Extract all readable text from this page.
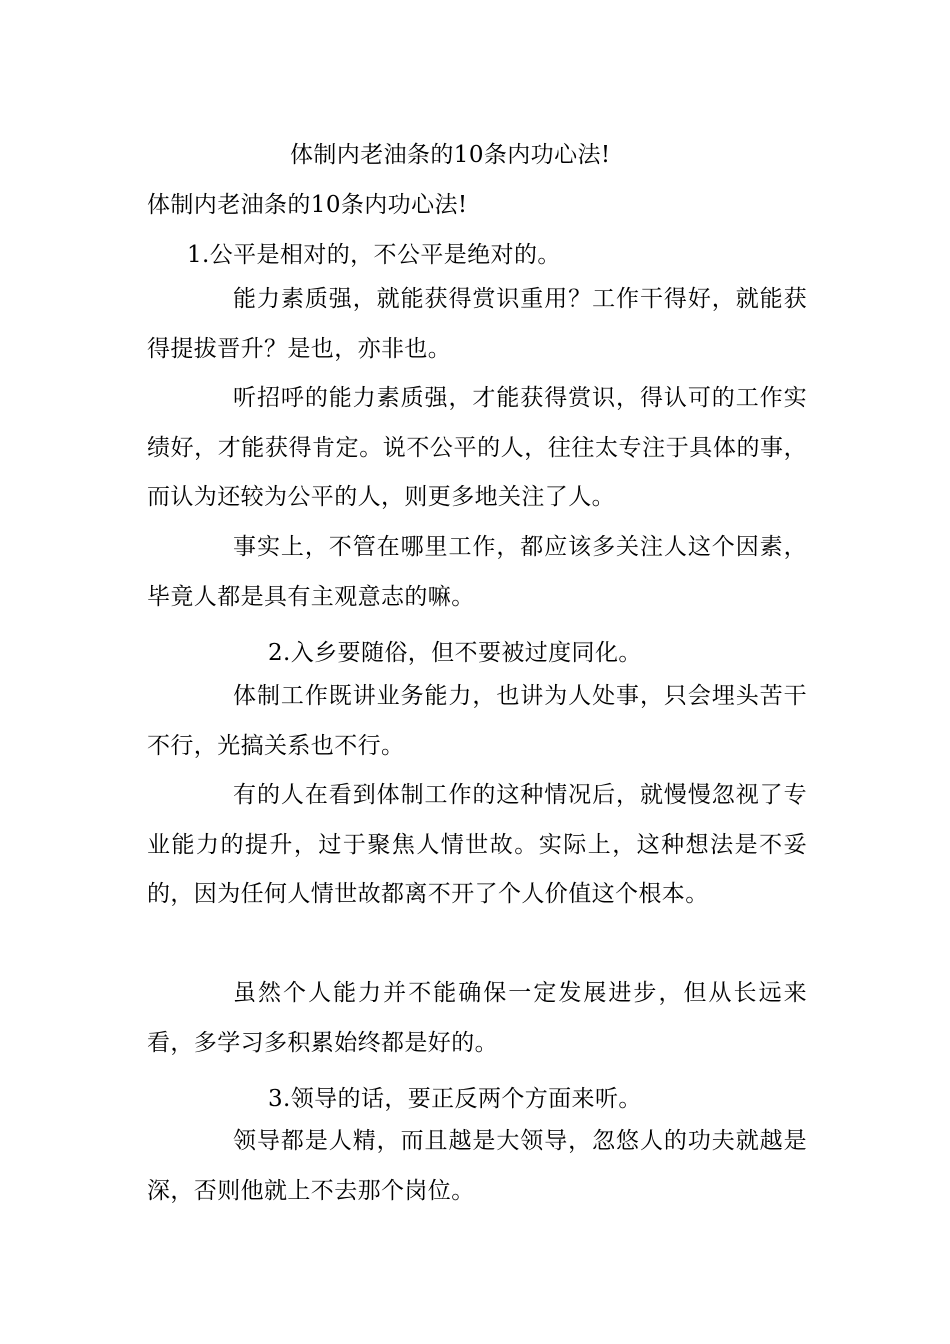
体制内老油条的10条内功心法!
体制内老油条的10条内功心法!
1.公平是相对的，不公平是绝对的。
能力素质强，就能获得赏识重用？工作干得好，就能获得提拔晋升？是也，亦非也。
听招呼的能力素质强，才能获得赏识，得认可的工作实绩好，才能获得肯定。说不公平的人，往往太专注于具体的事，而认为还较为公平的人，则更多地关注了人。
事实上，不管在哪里工作，都应该多关注人这个因素，毕竟人都是具有主观意志的嘛。
2.入乡要随俗，但不要被过度同化。
体制工作既讲业务能力，也讲为人处事，只会埋头苦干不行，光搞关系也不行。
有的人在看到体制工作的这种情况后，就慢慢忽视了专业能力的提升，过于聚焦人情世故。实际上，这种想法是不妥的，因为任何人情世故都离不开了个人价值这个根本。
虽然个人能力并不能确保一定发展进步，但从长远来看，多学习多积累始终都是好的。
3.领导的话，要正反两个方面来听。
领导都是人精，而且越是大领导，忽悠人的功夫就越是深，否则他就上不去那个岗位。
